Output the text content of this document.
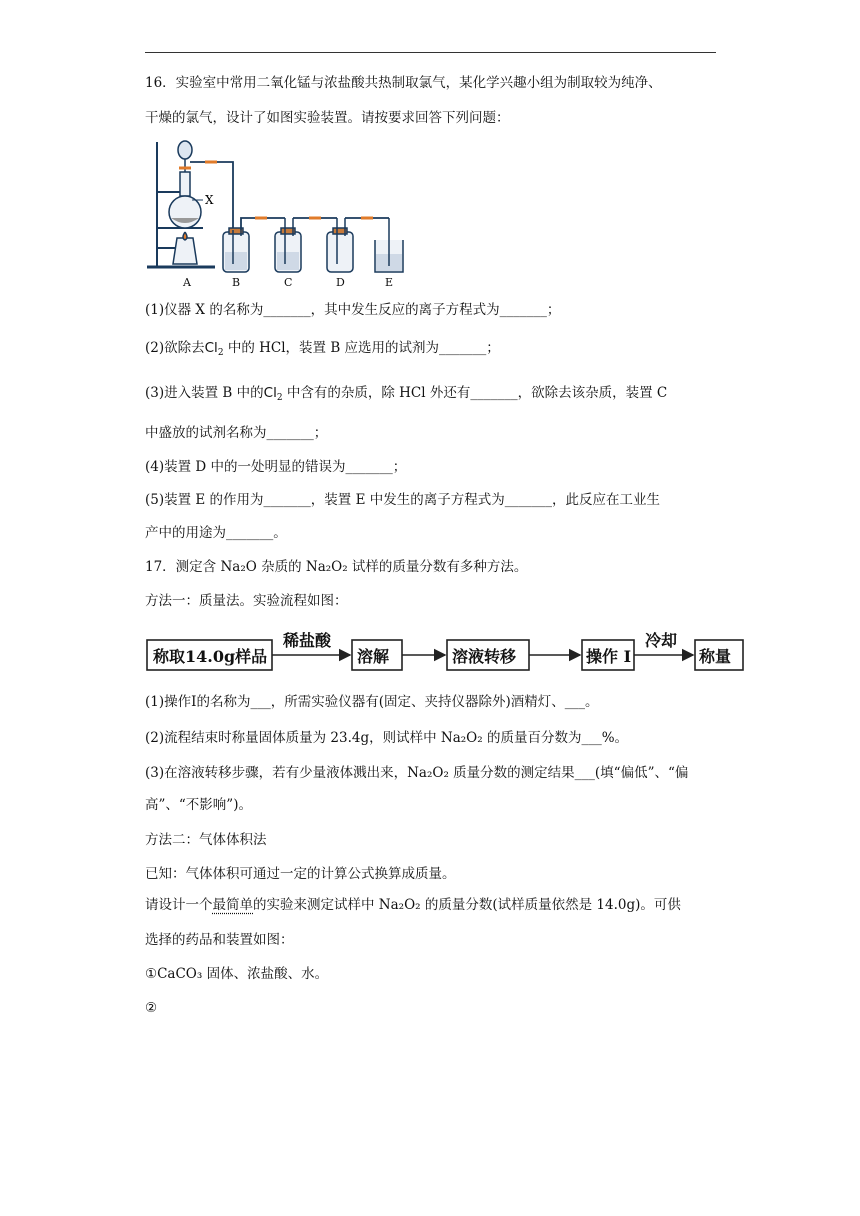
16．实验室中常用二氧化锰与浓盐酸共热制取氯气，某化学兴趣小组为制取较为纯净、
干燥的氯气，设计了如图实验装置。请按要求回答下列问题：
X
A	B	C	D	E
(1)仪器 X 的名称为_______，其中发生反应的离子方程式为_______；
(2)欲除去$Cl_2$ 中的 HCl，装置 B 应选用的试剂为_______；
(3)进入装置 B 中的$Cl_2$ 中含有的杂质，除 HCl 外还有_______，欲除去该杂质，装置 C
中盛放的试剂名称为_______；
(4)装置 D 中的一处明显的错误为_______；
(5)装置 E 的作用为_______，装置 E 中发生的离子方程式为_______，此反应在工业生
产中的用途为_______。
17．测定含 Na₂O 杂质的 Na₂O₂ 试样的质量分数有多种方法。
方法一：质量法。实验流程如图：
称取14.0g样品	溶解	溶液转移	操作 I	称量
稀盐酸	冷却
(1)操作I的名称为___，所需实验仪器有(固定、夹持仪器除外)酒精灯、___。
(2)流程结束时称量固体质量为 23.4g，则试样中 Na₂O₂ 的质量百分数为___%。
(3)在溶液转移步骤，若有少量液体溅出来，Na₂O₂ 质量分数的测定结果___(填“偏低”、“偏
高”、“不影响”)。
方法二：气体体积法
已知：气体体积可通过一定的计算公式换算成质量。
请设计一个最简单的实验来测定试样中 Na₂O₂ 的质量分数(试样质量依然是 14.0g)。可供
选择的药品和装置如图：
①CaCO₃ 固体、浓盐酸、水。
②
